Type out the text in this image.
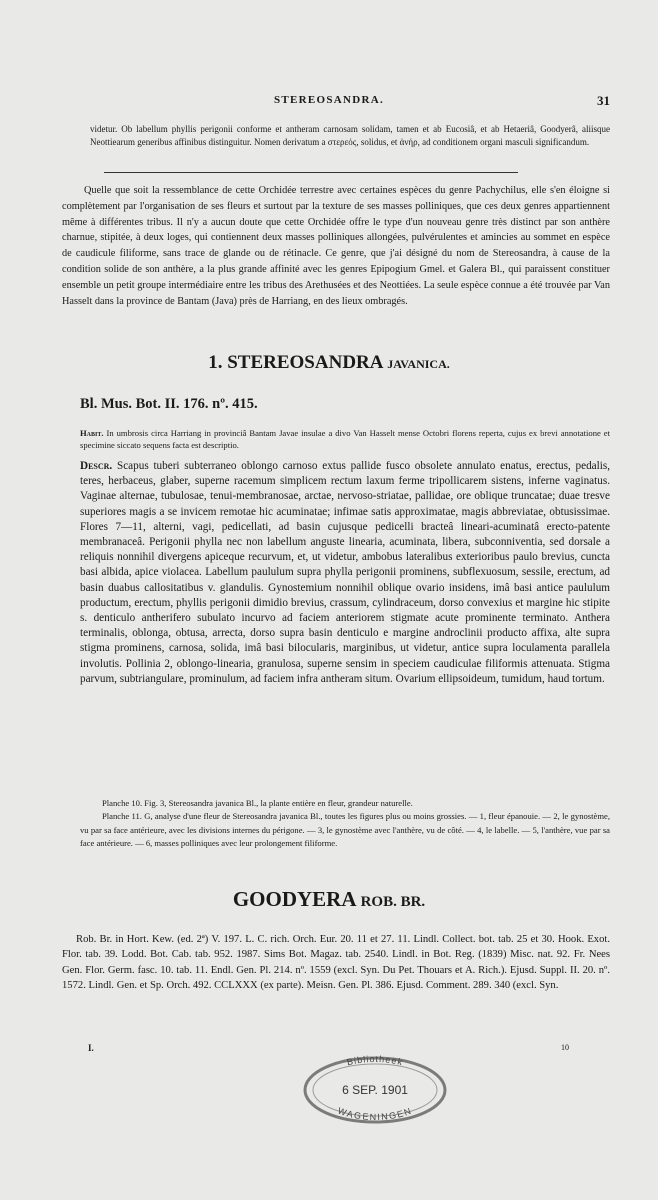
STEREOSANDRA.	31

videtur. Ob labellum phyllis perigonii conforme et antheram carnosam solidam, tamen et ab Eucosiâ, et ab Hetaeriâ, Goodyerâ, aliisque Neottiearum generibus affinibus distinguitur. Nomen derivatum a στερεός, solidus, et ἀνήρ, ad conditionem organi masculi significandum.

Quelle que soit la ressemblance de cette Orchidée terrestre avec certaines espèces du genre Pachychilus, elle s'en éloigne si complètement par l'organisation de ses fleurs et surtout par la texture de ses masses polliniques, que ces deux genres appartiennent même à différentes tribus. Il n'y a aucun doute que cette Orchidée offre le type d'un nouveau genre très distinct par son anthère charnue, stipitée, à deux loges, qui contiennent deux masses polliniques allongées, pulvérulentes et amincies au sommet en espèce de caudicule filiforme, sans trace de glande ou de rétinacle. Ce genre, que j'ai désigné du nom de Stereosandra, à cause de la condition solide de son anthère, a la plus grande affinité avec les genres Epipogium Gmel. et Galera Bl., qui paraissent constituer ensemble un petit groupe intermédiaire entre les tribus des Arethusées et des Neottiées. La seule espèce connue a été trouvée par Van Hasselt dans la province de Bantam (Java) près de Harriang, en des lieux ombragés.

1. STEREOSANDRA JAVANICA.
Bl. Mus. Bot. II. 176. nº. 415.

Habit. In umbrosis circa Harriang in provinciâ Bantam Javae insulae a divo Van Hasselt mense Octobri florens reperta, cujus ex brevi annotatione et specimine siccato sequens facta est descriptio.

Descr. Scapus tuberi subterraneo oblongo carnoso extus pallide fusco obsolete annulato enatus, erectus, pedalis, teres, herbaceus, glaber, superne racemum simplicem rectum laxum ferme tripollicarem sistens, inferne vaginatus. Vaginae alternae, tubulosae, tenui-membranosae, arctae, nervoso-striatae, pallidae, ore oblique truncatae; duae tresve superiores magis a se invicem remotae hic acuminatae; infimae satis approximatae, magis abbreviatae, obtusissimae. Flores 7—11, alterni, vagi, pedicellati, ad basin cujusque pedicelli bracteâ lineari-acuminatâ erecto-patente membranaceâ. Perigonii phylla nec non labellum anguste linearia, acuminata, libera, subconniventia, sed dorsale a reliquis nonnihil divergens apiceque recurvum, et, ut videtur, ambobus lateralibus exterioribus paulo brevius, cuncta basi albida, apice violacea. Labellum paululum supra phylla perigonii prominens, subflexuosum, sessile, erectum, ad basin duabus callositatibus v. glandulis. Gynostemium nonnihil oblique ovario insidens, imâ basi antice paululum productum, erectum, phyllis perigonii dimidio brevius, crassum, cylindraceum, dorso convexius et margine hic stipite s. denticulo antherifero subulato incurvo ad faciem anteriorem stigmate acute prominente terminato. Anthera terminalis, oblonga, obtusa, arrecta, dorso supra basin denticulo e margine androclinii producto affixa, alte supra stigma prominens, carnosa, solida, imâ basi bilocularis, marginibus, ut videtur, antice supra loculamenta parallela involutis. Pollinia 2, oblongo-linearia, granulosa, superne sensim in speciem caudiculae filiformis attenuata. Stigma parvum, subtriangulare, prominulum, ad faciem infra antheram situm. Ovarium ellipsoideum, tumidum, haud tortum.

Planche 10. Fig. 3, Stereosandra javanica Bl., la plante entière en fleur, grandeur naturelle.

Planche 11. G, analyse d'une fleur de Stereosandra javanica Bl., toutes les figures plus ou moins grossies. — 1, fleur épanouie. — 2, le gynostème, vu par sa face antérieure, avec les divisions internes du périgone. — 3, le gynostème avec l'anthère, vu de côté. — 4, le labelle. — 5, l'anthère, vue par sa face antérieure. — 6, masses polliniques avec leur prolongement filiforme.

GOODYERA ROB. BR.

Rob. Br. in Hort. Kew. (ed. 2ª) V. 197. L. C. rich. Orch. Eur. 20. 11 et 27. 11. Lindl. Collect. bot. tab. 25 et 30. Hook. Exot. Flor. tab. 39. Lodd. Bot. Cab. tab. 952. 1987. Sims Bot. Magaz. tab. 2540. Lindl. in Bot. Reg. (1839) Misc. nat. 92. Fr. Nees Gen. Flor. Germ. fasc. 10. tab. 11. Endl. Gen. Pl. 214. nº. 1559 (excl. Syn. Du Pet. Thouars et A. Rich.). Ejusd. Suppl. II. 20. nº. 1572. Lindl. Gen. et Sp. Orch. 492. CCLXXX (ex parte). Meisn. Gen. Pl. 386. Ejusd. Comment. 289. 340 (excl. Syn.

I.	10
Bibliotheek
6 SEP. 1901
WAGENINGEN
